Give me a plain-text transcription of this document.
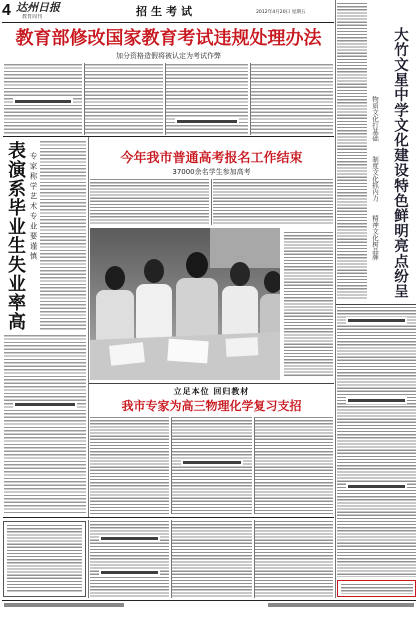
4 达州日报
教育周刊	招生考试	2012年4月20日 星期五
教育部修改国家教育考试违规处理办法
加分资格造假将被认定为考试作弊
表演系毕业生失业率高 专家称学艺术专业要谨慎	今年我市普通高考报名工作结束
37000余名学生参加高考
立足本位 回归教材
我市专家为高三物理化学复习支招
物质文化打基础制度文化抓内力精神文化树品牌 大竹文星中学文化建设特色鲜明亮点纷呈
